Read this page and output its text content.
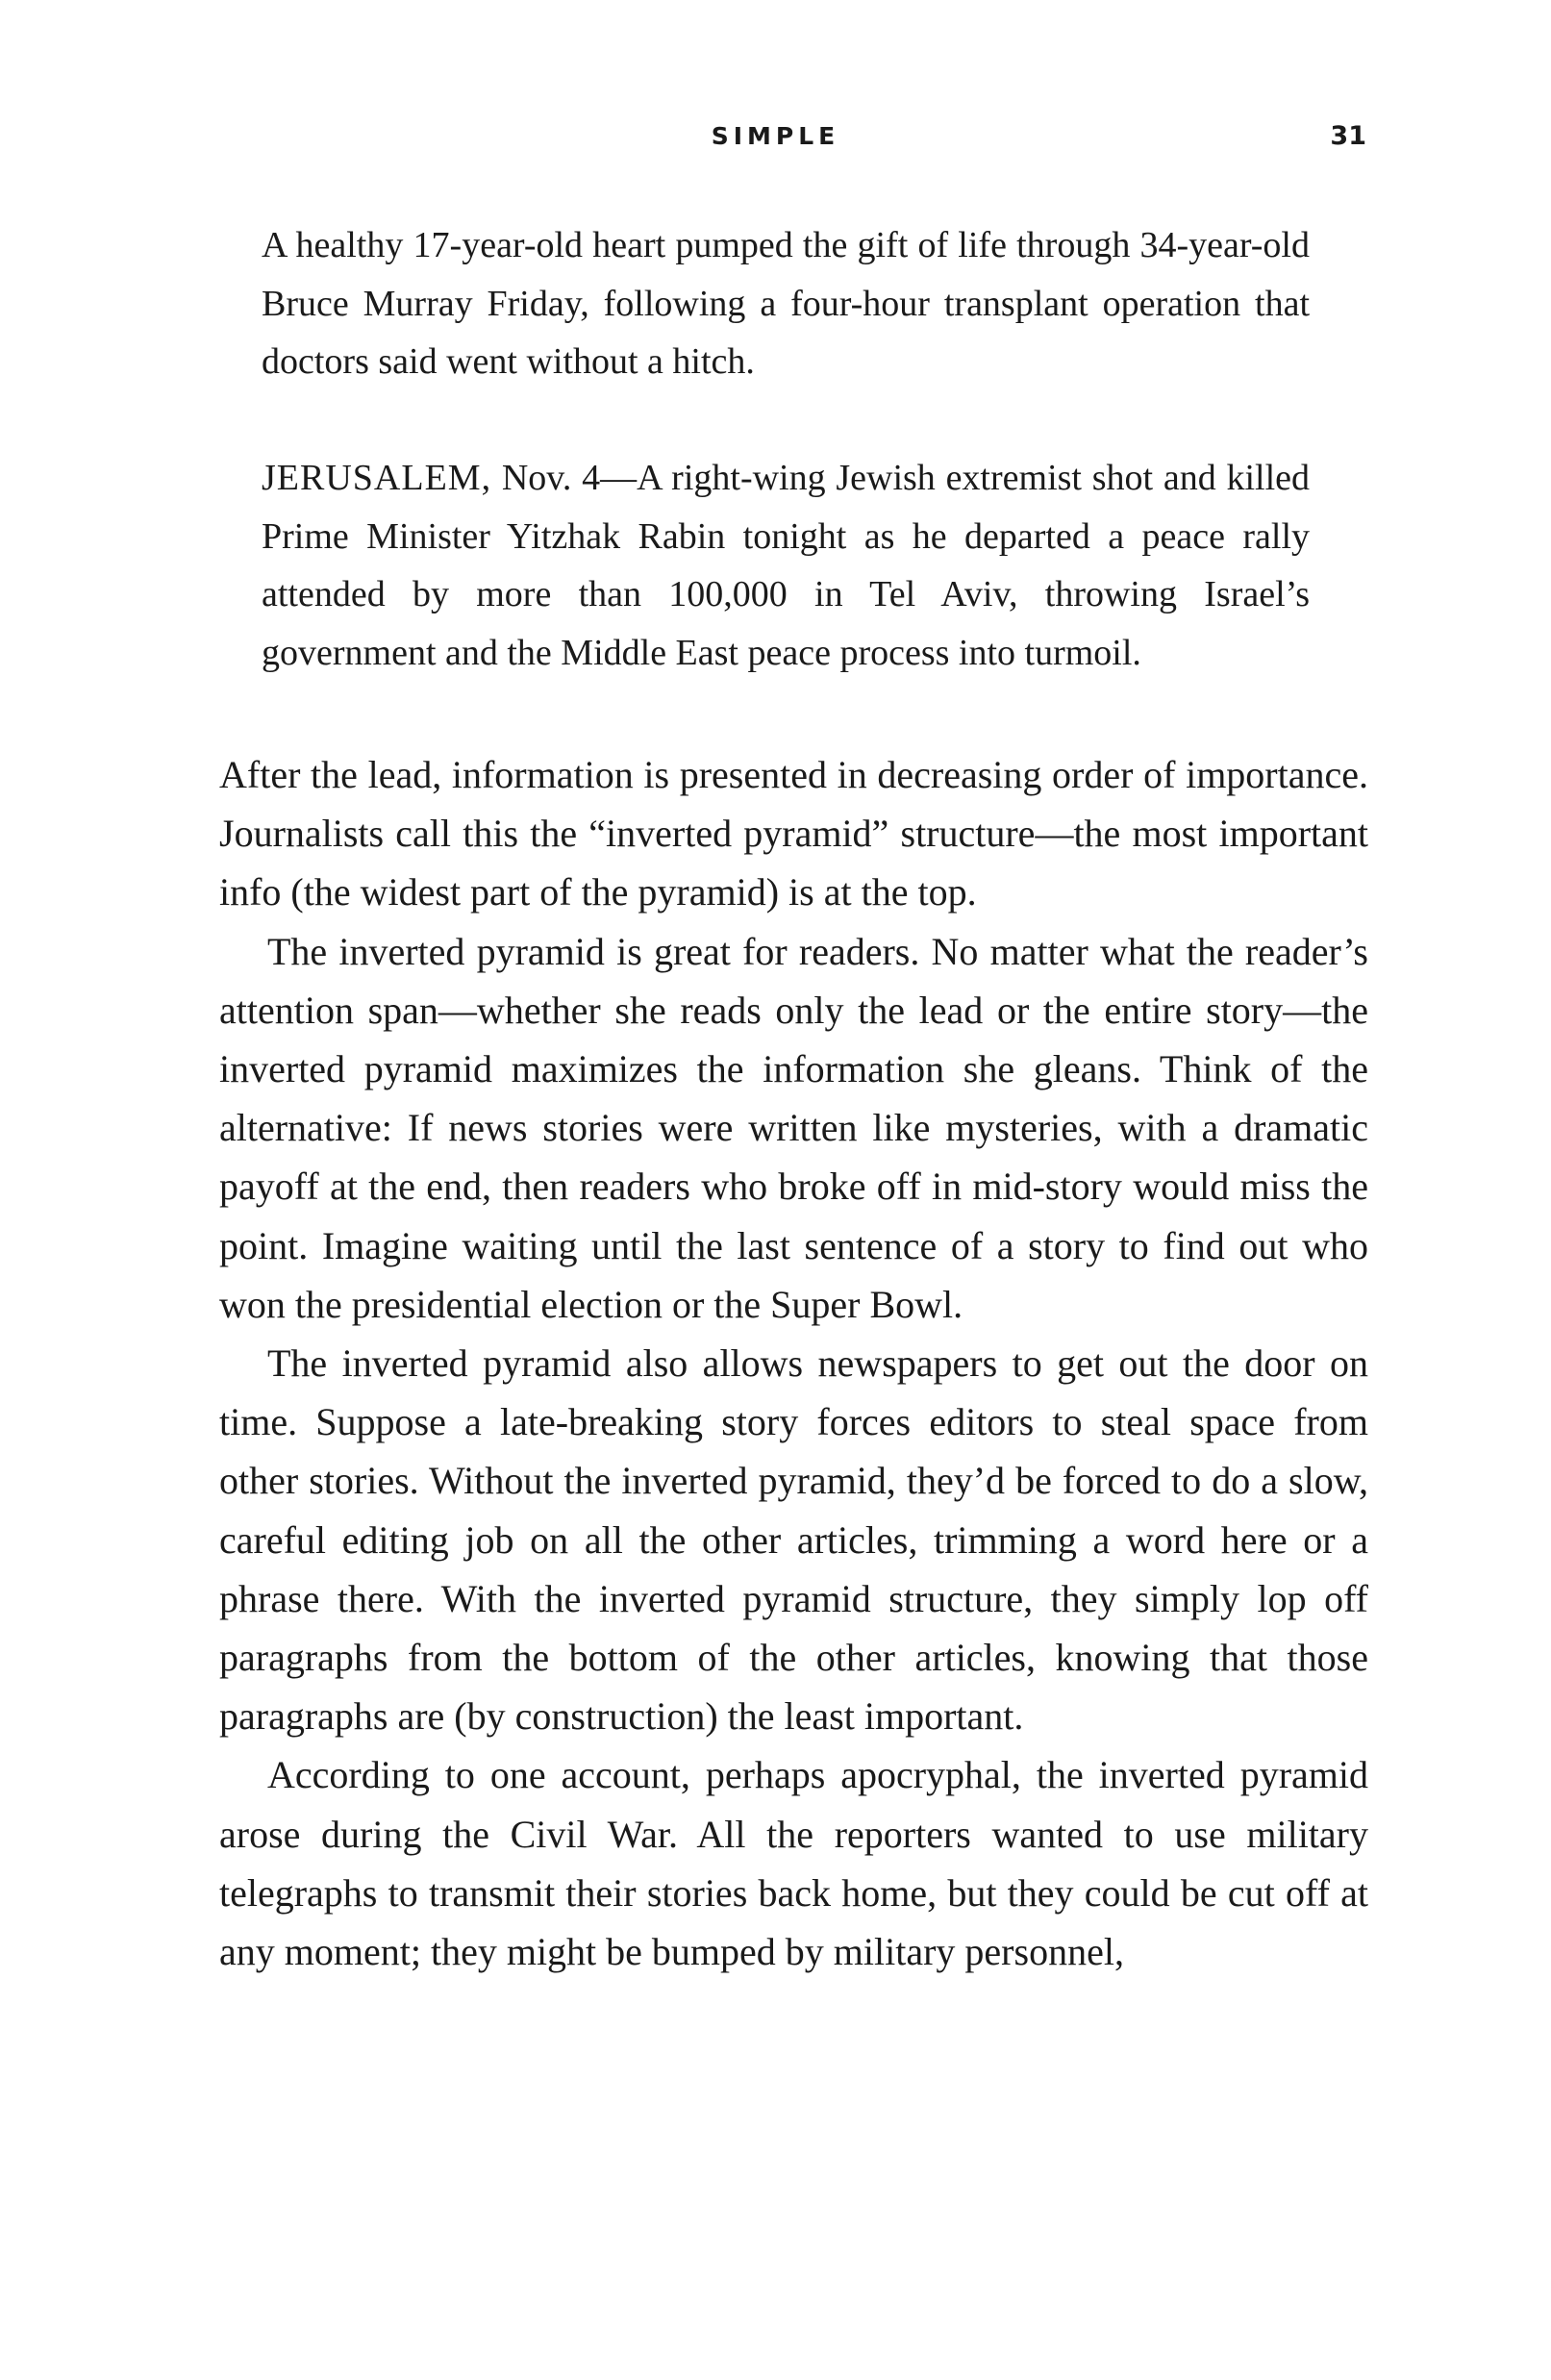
SIMPLE	31

A healthy 17-year-old heart pumped the gift of life through 34-year-old Bruce Murray Friday, following a four-hour transplant operation that doctors said went without a hitch.

JERUSALEM, Nov. 4—A right-wing Jewish extremist shot and killed Prime Minister Yitzhak Rabin tonight as he departed a peace rally attended by more than 100,000 in Tel Aviv, throwing Israel’s government and the Middle East peace process into turmoil.

After the lead, information is presented in decreasing order of importance. Journalists call this the “inverted pyramid” structure—the most important info (the widest part of the pyramid) is at the top.

The inverted pyramid is great for readers. No matter what the reader’s attention span—whether she reads only the lead or the entire story—the inverted pyramid maximizes the information she gleans. Think of the alternative: If news stories were written like mysteries, with a dramatic payoff at the end, then readers who broke off in mid-story would miss the point. Imagine waiting until the last sentence of a story to find out who won the presidential election or the Super Bowl.

The inverted pyramid also allows newspapers to get out the door on time. Suppose a late-breaking story forces editors to steal space from other stories. Without the inverted pyramid, they’d be forced to do a slow, careful editing job on all the other articles, trimming a word here or a phrase there. With the inverted pyramid structure, they simply lop off paragraphs from the bottom of the other articles, knowing that those paragraphs are (by construction) the least important.

According to one account, perhaps apocryphal, the inverted pyramid arose during the Civil War. All the reporters wanted to use military telegraphs to transmit their stories back home, but they could be cut off at any moment; they might be bumped by military personnel,
